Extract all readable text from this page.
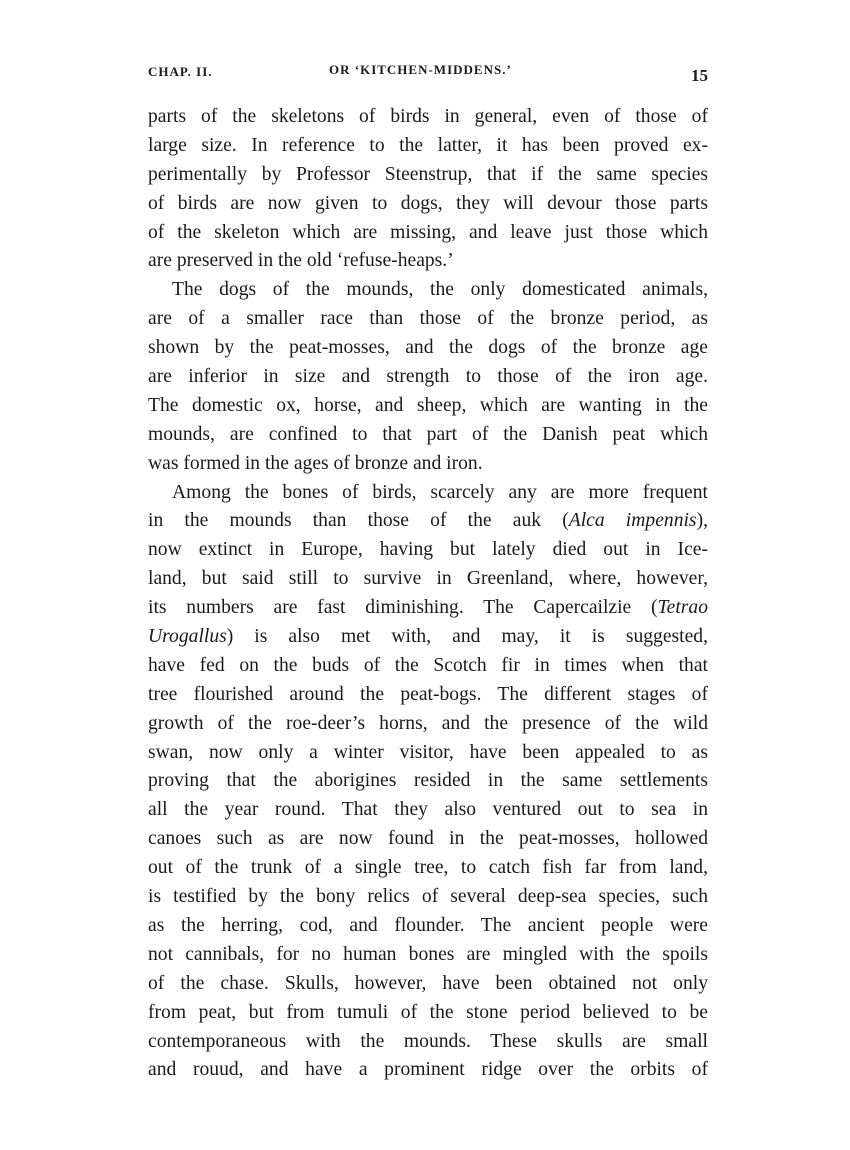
CHAP. II.	OR ‘KITCHEN-MIDDENS.’	15
parts of the skeletons of birds in general, even of those of
large size. In reference to the latter, it has been proved ex-
perimentally by Professor Steenstrup, that if the same species
of birds are now given to dogs, they will devour those parts
of the skeleton which are missing, and leave just those which
are preserved in the old ‘refuse-heaps.’
The dogs of the mounds, the only domesticated animals,
are of a smaller race than those of the bronze period, as
shown by the peat-mosses, and the dogs of the bronze age
are inferior in size and strength to those of the iron age.
The domestic ox, horse, and sheep, which are wanting in the
mounds, are confined to that part of the Danish peat which
was formed in the ages of bronze and iron.
Among the bones of birds, scarcely any are more frequent
in the mounds than those of the auk (Alca impennis),
now extinct in Europe, having but lately died out in Ice-
land, but said still to survive in Greenland, where, however,
its numbers are fast diminishing. The Capercailzie (Tetrao
Urogallus) is also met with, and may, it is suggested,
have fed on the buds of the Scotch fir in times when that
tree flourished around the peat-bogs. The different stages of
growth of the roe-deer’s horns, and the presence of the wild
swan, now only a winter visitor, have been appealed to as
proving that the aborigines resided in the same settlements
all the year round. That they also ventured out to sea in
canoes such as are now found in the peat-mosses, hollowed
out of the trunk of a single tree, to catch fish far from land,
is testified by the bony relics of several deep-sea species, such
as the herring, cod, and flounder. The ancient people were
not cannibals, for no human bones are mingled with the spoils
of the chase. Skulls, however, have been obtained not only
from peat, but from tumuli of the stone period believed to be
contemporaneous with the mounds. These skulls are small
and rouud, and have a prominent ridge over the orbits of
